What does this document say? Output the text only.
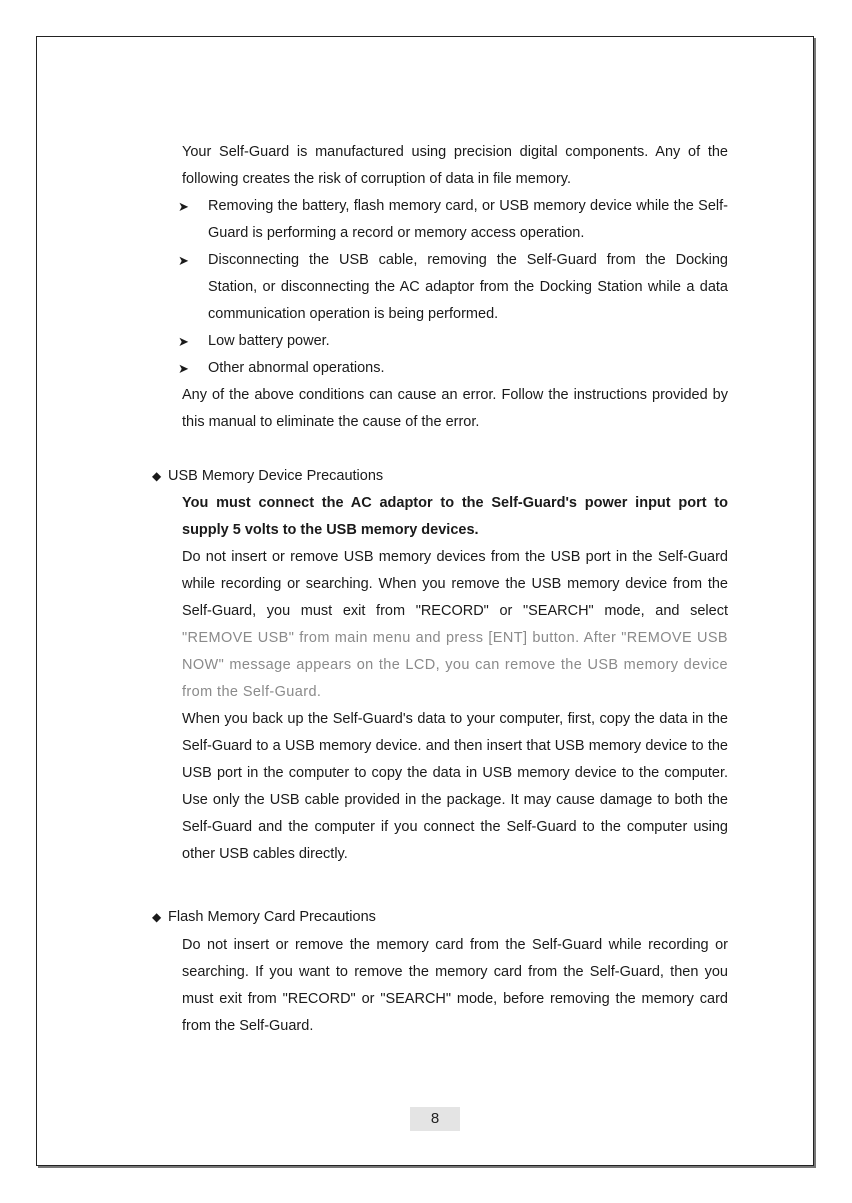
Your Self-Guard is manufactured using precision digital components. Any of the following creates the risk of corruption of data in file memory.
➤	Removing the battery, flash memory card, or USB memory device while the Self-Guard is performing a record or memory access operation.
➤	Disconnecting the USB cable, removing the Self-Guard from the Docking Station, or disconnecting the AC adaptor from the Docking Station while a data communication operation is being performed.
➤	Low battery power.
➤	Other abnormal operations.
Any of the above conditions can cause an error. Follow the instructions provided by this manual to eliminate the cause of the error.
◆ USB Memory Device Precautions
You must connect the AC adaptor to the Self-Guard's power input port to supply 5 volts to the USB memory devices.
Do not insert or remove USB memory devices from the USB port in the Self-Guard while recording or searching. When you remove the USB memory device from the Self-Guard, you must exit from "RECORD" or "SEARCH" mode, and select "REMOVE USB" from main menu and press [ENT] button. After "REMOVE USB NOW" message appears on the LCD, you can remove the USB memory device from the Self-Guard.
When you back up the Self-Guard's data to your computer, first, copy the data in the Self-Guard to a USB memory device. and then insert that USB memory device to the USB port in the computer to copy the data in USB memory device to the computer. Use only the USB cable provided in the package. It may cause damage to both the Self-Guard and the computer if you connect the Self-Guard to the computer using other USB cables directly.
◆ Flash Memory Card Precautions
Do not insert or remove the memory card from the Self-Guard while recording or searching. If you want to remove the memory card from the Self-Guard, then you must exit from "RECORD" or "SEARCH" mode, before removing the memory card from the Self-Guard.
8
